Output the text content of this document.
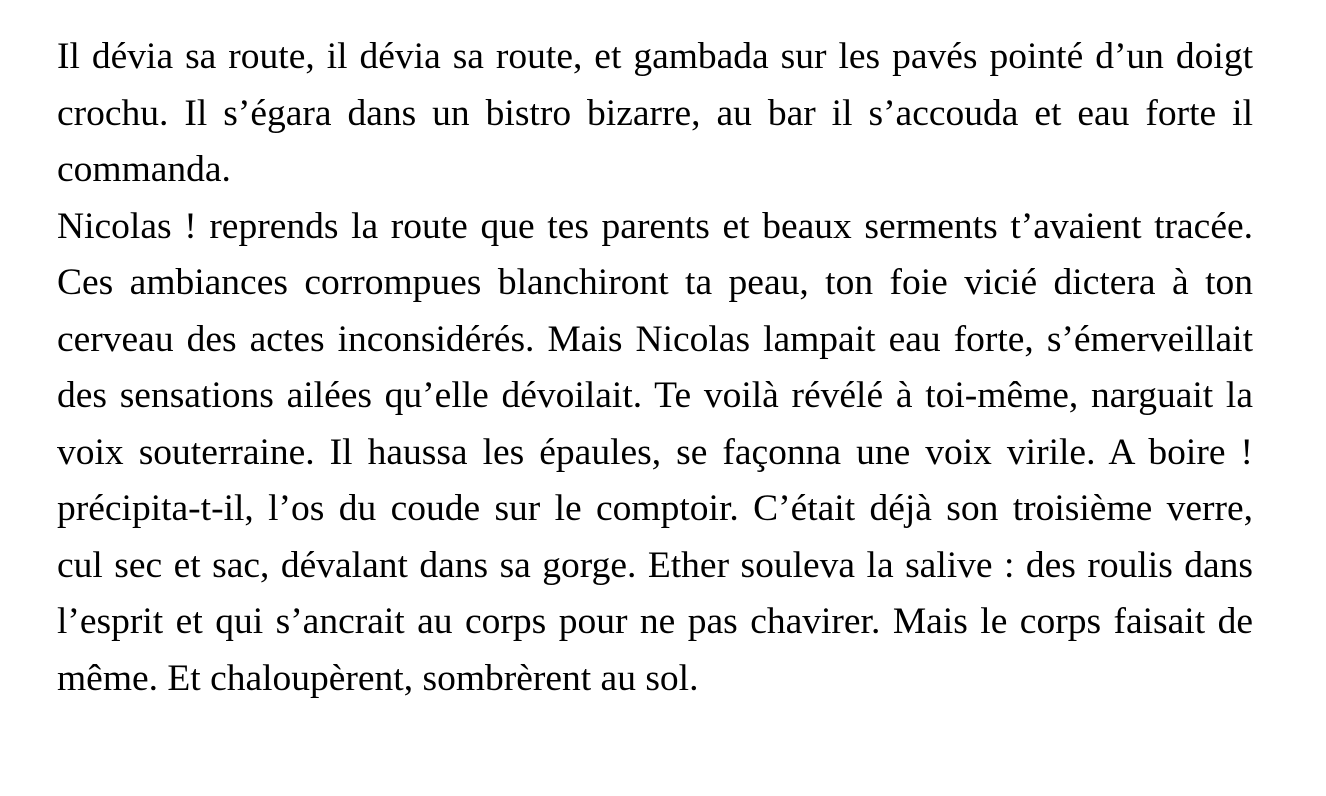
Il dévia sa route, il dévia sa route, et gambada sur les pavés pointé d’un doigt crochu. Il s’égara dans un bistro bizarre, au bar il s’accouda et eau forte il commanda.

Nicolas ! reprends la route que tes parents et beaux serments t’avaient tracée. Ces ambiances corrompues blanchiront ta peau, ton foie vicié dictera à ton cerveau des actes inconsidérés. Mais Nicolas lampait eau forte, s’émerveillait des sensations ailées qu’elle dévoilait. Te voilà révélé à toi-même, narguait la voix souterraine. Il haussa les épaules, se façonna une voix virile. A boire ! précipita-t-il, l’os du coude sur le comptoir. C’était déjà son troisième verre, cul sec et sac, dévalant dans sa gorge. Ether souleva la salive : des roulis dans l’esprit et qui s’ancrait au corps pour ne pas chavirer. Mais le corps faisait de même. Et chaloupèrent, sombrèrent au sol.
